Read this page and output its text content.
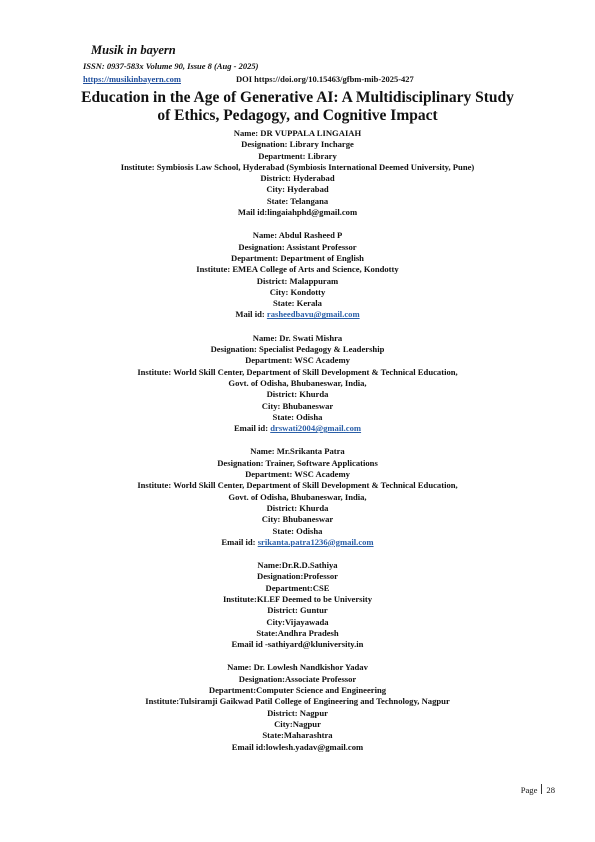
Musik in bayern
ISSN: 0937-583x Volume 90, Issue 8 (Aug - 2025)
https://musikinbayern.com	DOI https://doi.org/10.15463/gfbm-mib-2025-427
Education in the Age of Generative AI: A Multidisciplinary Study
of Ethics, Pedagogy, and Cognitive Impact
Name: DR VUPPALA LINGAIAH
Designation: Library Incharge
Department: Library
Institute: Symbiosis Law School, Hyderabad (Symbiosis International Deemed University, Pune)
District: Hyderabad
City: Hyderabad
State: Telangana
Mail id:lingaiahphd@gmail.com
Name: Abdul Rasheed P
Designation: Assistant Professor
Department: Department of English
Institute: EMEA College of Arts and Science, Kondotty
District: Malappuram
City: Kondotty
State: Kerala
Mail id: rasheedbavu@gmail.com
Name: Dr. Swati Mishra
Designation: Specialist Pedagogy & Leadership
Department: WSC Academy
Institute: World Skill Center, Department of Skill Development & Technical Education,
Govt. of Odisha, Bhubaneswar, India,
District: Khurda
City: Bhubaneswar
State: Odisha
Email id: drswati2004@gmail.com
Name: Mr.Srikanta Patra
Designation: Trainer, Software Applications
Department: WSC Academy
Institute: World Skill Center, Department of Skill Development & Technical Education,
Govt. of Odisha, Bhubaneswar, India,
District: Khurda
City: Bhubaneswar
State: Odisha
Email id: srikanta.patra1236@gmail.com
Name:Dr.R.D.Sathiya
Designation:Professor
Department:CSE
Institute:KLEF Deemed to be University
District: Guntur
City:Vijayawada
State:Andhra Pradesh
Email id -sathiyard@kluniversity.in
Name: Dr. Lowlesh Nandkishor Yadav
Designation:Associate Professor
Department:Computer Science and Engineering
Institute:Tulsiramji Gaikwad Patil College of Engineering and Technology, Nagpur
District: Nagpur
City:Nagpur
State:Maharashtra
Email id:lowlesh.yadav@gmail.com
Page 28
